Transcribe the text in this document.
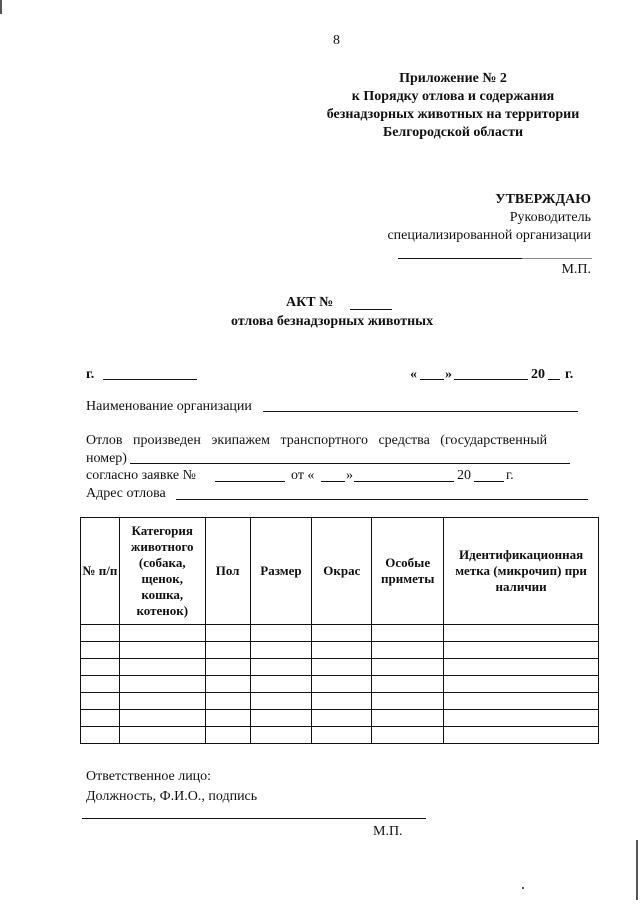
8
Приложение № 2
к Порядку отлова и содержания
безнадзорных животных на территории
Белгородской области
УТВЕРЖДАЮ
Руководитель
специализированной организации
М.П.
АКТ №
отлова безнадзорных животных
г.	« »	20 г.
Наименование организации
Отлов произведен экипажем транспортного средства (государственный
номер)
согласно заявке №	от « »	20	г.
Адрес отлова
№ п/п	Категория животного (собака, щенок, кошка, котенок)	Пол	Размер	Окрас	Особые приметы	Идентификационная метка (микрочип) при наличии

Ответственное лицо:
Должность, Ф.И.О., подпись
М.П.
